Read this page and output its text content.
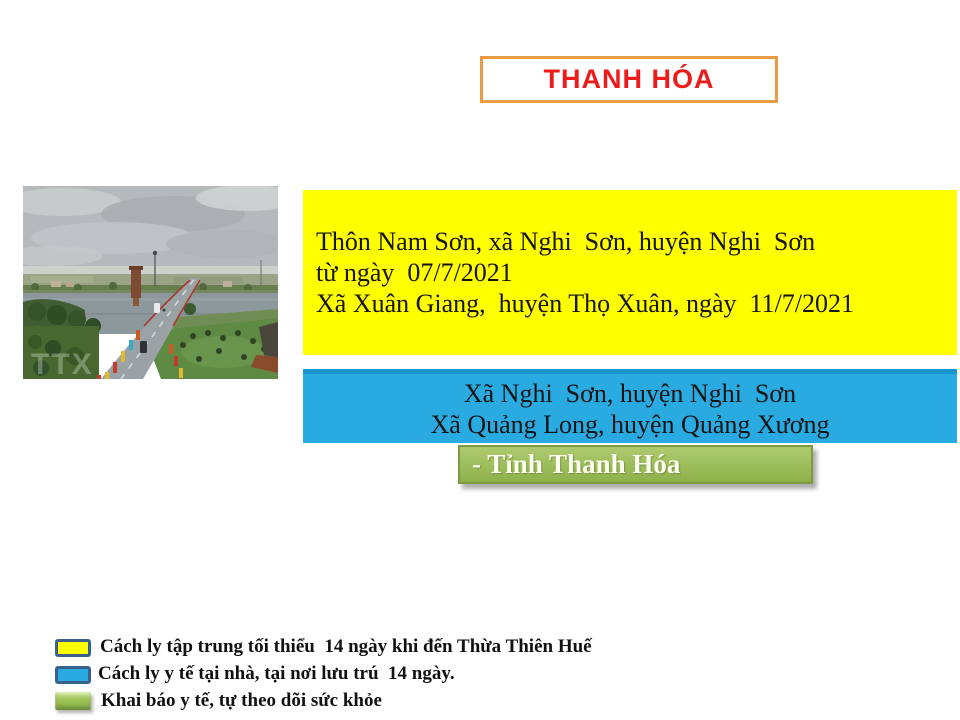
THANH HÓA
TTX
Thôn Nam Sơn, xã Nghi  Sơn, huyện Nghi  Sơn
từ ngày  07/7/2021
Xã Xuân Giang,  huyện Thọ Xuân, ngày  11/7/2021
Xã Nghi  Sơn, huyện Nghi  Sơn
Xã Quảng Long, huyện Quảng Xương
- Tỉnh Thanh Hóa
Cách ly tập trung tối thiểu  14 ngày khi đến Thừa Thiên Huế
Cách ly y tế tại nhà, tại nơi lưu trú  14 ngày.
Khai báo y tế, tự theo dõi sức khỏe
